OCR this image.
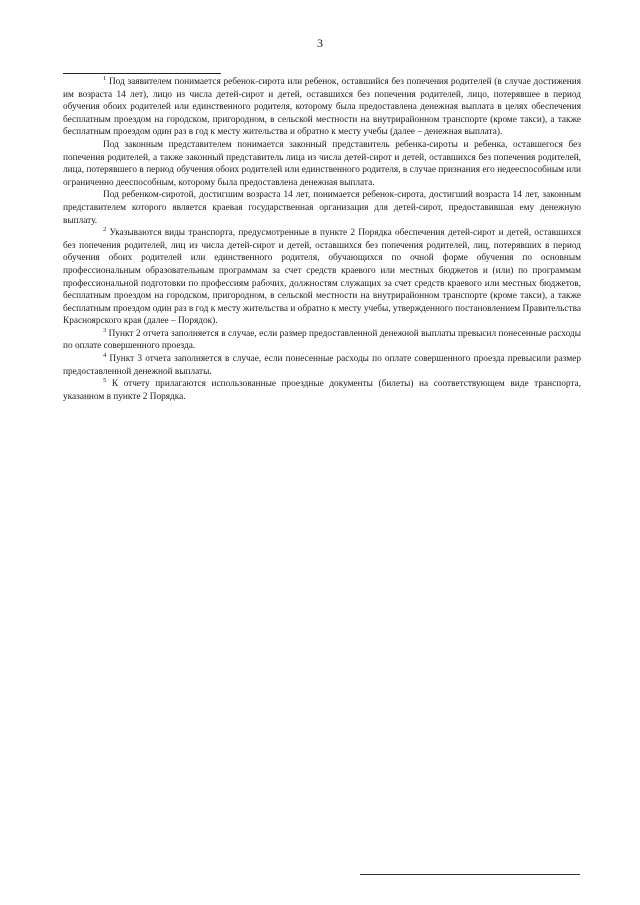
3

$^1$ Под заявителем понимается ребенок-сирота или ребенок, оставшийся без попечения родителей (в случае достижения им возраста 14 лет), лицо из числа детей-сирот и детей, оставшихся без попечения родителей, лицо, потерявшее в период обучения обоих родителей или единственного родителя, которому была предоставлена денежная выплата в целях обеспечения бесплатным проездом на городском, пригородном, в сельской местности на внутрирайонном транспорте (кроме такси), а также бесплатным проездом один раз в год к месту жительства и обратно к месту учебы (далее – денежная выплата).

Под законным представителем понимается законный представитель ребенка-сироты и ребенка, оставшегося без попечения родителей, а также законный представитель лица из числа детей-сирот и детей, оставшихся без попечения родителей, лица, потерявшего в период обучения обоих родителей или единственного родителя, в случае признания его недееспособным или ограниченно дееспособным, которому была предоставлена денежная выплата.

Под ребенком-сиротой, достигшим возраста 14 лет, понимается ребенок-сирота, достигший возраста 14 лет, законным представителем которого является краевая государственная организация для детей-сирот, предоставившая ему денежную выплату.

$^2$ Указываются виды транспорта, предусмотренные в пункте 2 Порядка обеспечения детей-сирот и детей, оставшихся без попечения родителей, лиц из числа детей-сирот и детей, оставшихся без попечения родителей, лиц, потерявших в период обучения обоих родителей или единственного родителя, обучающихся по очной форме обучения по основным профессиональным образовательным программам за счет средств краевого или местных бюджетов и (или) по программам профессиональной подготовки по профессиям рабочих, должностям служащих за счет средств краевого или местных бюджетов, бесплатным проездом на городском, пригородном, в сельской местности на внутрирайонном транспорте (кроме такси), а также бесплатным проездом один раз в год к месту жительства и обратно к месту учебы, утвержденного постановлением Правительства Красноярского края (далее – Порядок).

$^3$ Пункт 2 отчета заполняется в случае, если размер предоставленной денежной выплаты превысил понесенные расходы по оплате совершенного проезда.

$^4$ Пункт 3 отчета заполняется в случае, если понесенные расходы по оплате совершенного проезда превысили размер предоставленной денежной выплаты.

$^5$ К отчету прилагаются использованные проездные документы (билеты) на соответствующем виде транспорта, указанном в пункте 2 Порядка.
